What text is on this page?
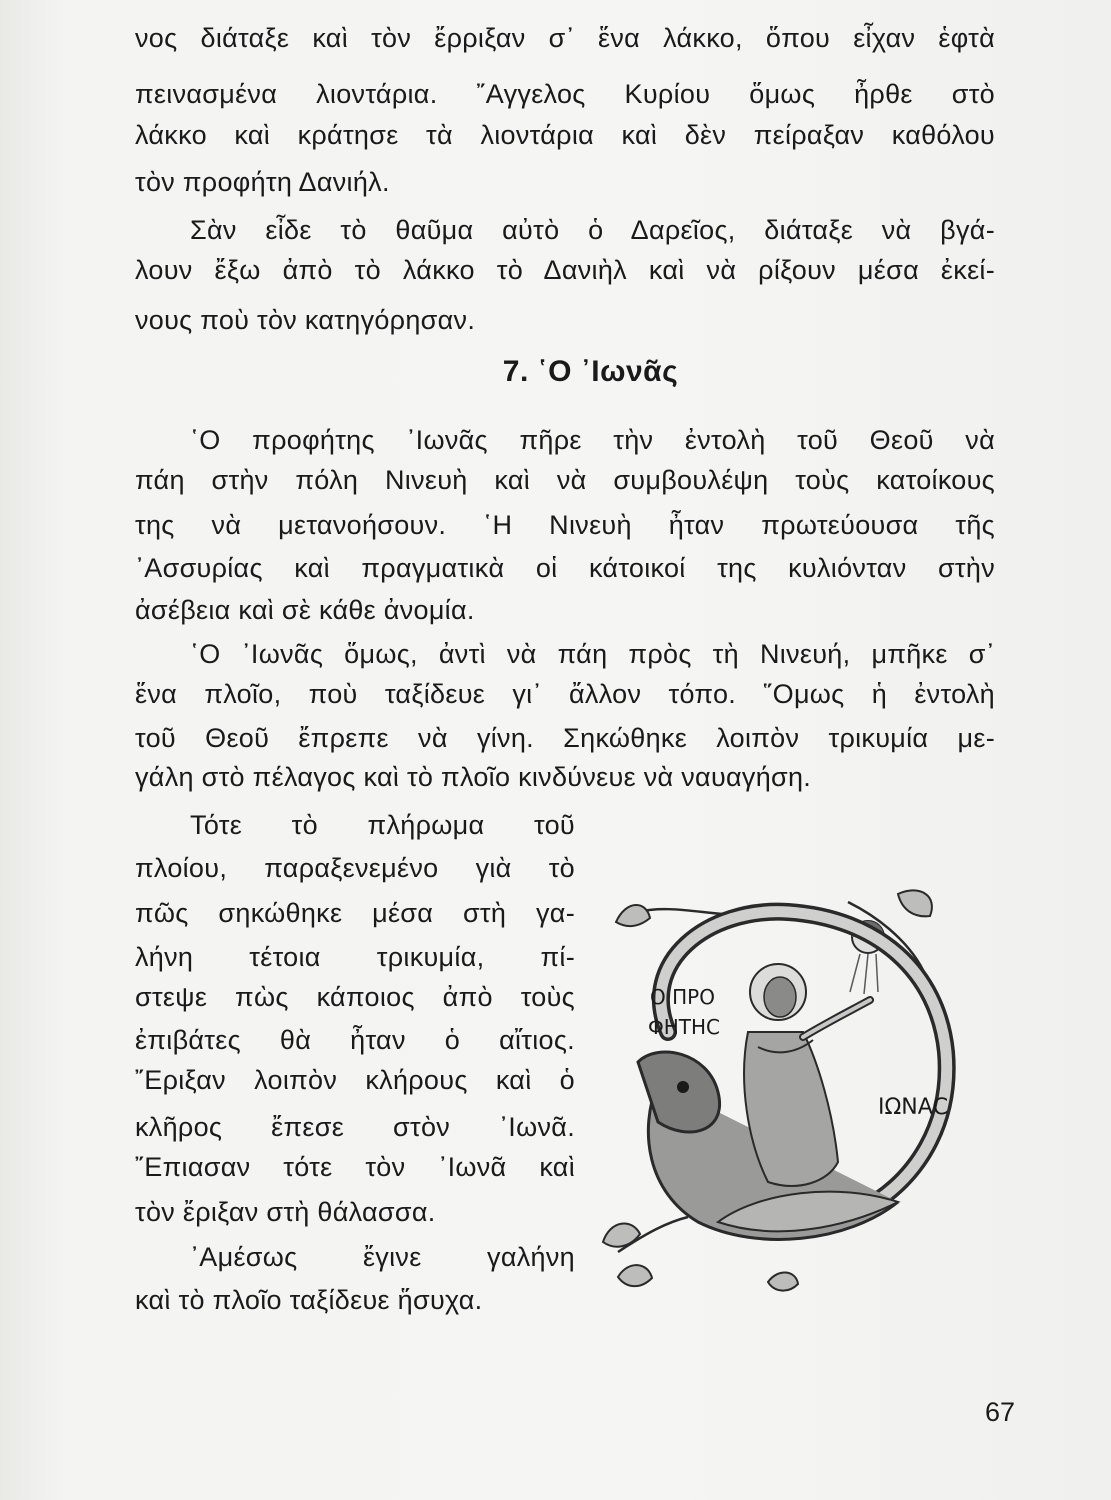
νος διάταξε καὶ τὸν ἔρριξαν σ᾿ ἕνα λάκκο, ὅπου εἶχαν ἑφτὰ
πεινασμένα λιοντάρια. ῎Αγγελος Κυρίου ὅμως ἦρθε στὸ
λάκκο καὶ κράτησε τὰ λιοντάρια καὶ δὲν πείραξαν καθόλου
τὸν προφήτη Δανιήλ.
Σὰν εἶδε τὸ θαῦμα αὐτὸ ὁ Δαρεῖος, διάταξε νὰ βγά-
λουν ἔξω ἀπὸ τὸ λάκκο τὸ Δανιὴλ καὶ νὰ ρίξουν μέσα ἐκεί-
νους ποὺ τὸν κατηγόρησαν.
7. ῾Ο ᾿Ιωνᾶς
῾Ο προφήτης ᾿Ιωνᾶς πῆρε τὴν ἐντολὴ τοῦ Θεοῦ νὰ
πάη στὴν πόλη Νινευὴ καὶ νὰ συμβουλέψη τοὺς κατοίκους
της νὰ μετανοήσουν. ῾Η Νινευὴ ἦταν πρωτεύουσα τῆς
᾿Ασσυρίας καὶ πραγματικὰ οἱ κάτοικοί της κυλιόνταν στὴν
ἀσέβεια καὶ σὲ κάθε ἀνομία.
῾Ο ᾿Ιωνᾶς ὅμως, ἀντὶ νὰ πάη πρὸς τὴ Νινευή, μπῆκε σ᾿
ἕνα πλοῖο, ποὺ ταξίδευε γι᾿ ἄλλον τόπο. ῞Ομως ἡ ἐντολὴ
τοῦ Θεοῦ ἔπρεπε νὰ γίνη. Σηκώθηκε λοιπὸν τρικυμία με-
γάλη στὸ πέλαγος καὶ τὸ πλοῖο κινδύνευε νὰ ναυαγήση.
Τότε τὸ πλήρωμα τοῦ
πλοίου, παραξενεμένο γιὰ τὸ
πῶς σηκώθηκε μέσα στὴ γα-
λήνη τέτοια τρικυμία, πί-
στεψε πὼς κάποιος ἀπὸ τοὺς
ἐπιβάτες θὰ ἦταν ὁ αἴτιος.
῎Εριξαν λοιπὸν κλήρους καὶ ὁ
κλῆρος ἔπεσε στὸν ᾿Ιωνᾶ.
῎Επιασαν τότε τὸν ᾿Ιωνᾶ καὶ
τὸν ἔριξαν στὴ θάλασσα.
᾿Αμέσως ἔγινε γαλήνη
καὶ τὸ πλοῖο ταξίδευε ἥσυχα.
Ο ΠΡΟ
ΦΗΤΗϹ
ΙΩΝΑϹ
67
